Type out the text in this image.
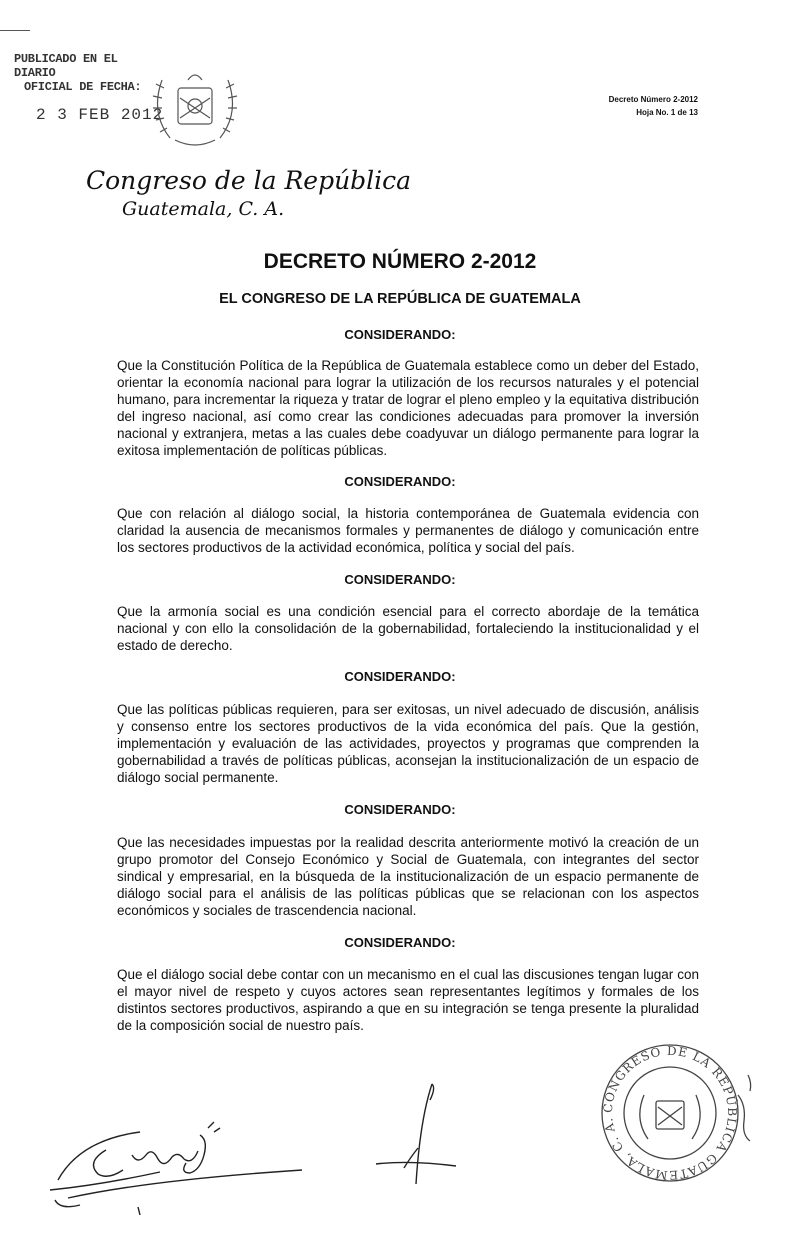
PUBLICADO EN EL DIARIO
OFICIAL DE FECHA:
2 3 FEB 2012
Decreto Número 2-2012
Hoja No. 1 de 13
Congreso de la República
Guatemala, C. A.
DECRETO NÚMERO 2-2012
EL CONGRESO DE LA REPÚBLICA DE GUATEMALA
CONSIDERANDO:
Que la Constitución Política de la República de Guatemala establece como un deber del Estado, orientar la economía nacional para lograr la utilización de los recursos naturales y el potencial humano, para incrementar la riqueza y tratar de lograr el pleno empleo y la equitativa distribución del ingreso nacional, así como crear las condiciones adecuadas para promover la inversión nacional y extranjera, metas a las cuales debe coadyuvar un diálogo permanente para lograr la exitosa implementación de políticas públicas.
CONSIDERANDO:
Que con relación al diálogo social, la historia contemporánea de Guatemala evidencia con claridad la ausencia de mecanismos formales y permanentes de diálogo y comunicación entre los sectores productivos de la actividad económica, política y social del país.
CONSIDERANDO:
Que la armonía social es una condición esencial para el correcto abordaje de la temática nacional y con ello la consolidación de la gobernabilidad, fortaleciendo la institucionalidad y el estado de derecho.
CONSIDERANDO:
Que las políticas públicas requieren, para ser exitosas, un nivel adecuado de discusión, análisis y consenso entre los sectores productivos de la vida económica del país. Que la gestión, implementación y evaluación de las actividades, proyectos y programas que comprenden la gobernabilidad a través de políticas públicas, aconsejan la institucionalización de un espacio de diálogo social permanente.
CONSIDERANDO:
Que las necesidades impuestas por la realidad descrita anteriormente motivó la creación de un grupo promotor del Consejo Económico y Social de Guatemala, con integrantes del sector sindical y empresarial, en la búsqueda de la institucionalización de un espacio permanente de diálogo social para el análisis de las políticas públicas que se relacionan con los aspectos económicos y sociales de trascendencia nacional.
CONSIDERANDO:
Que el diálogo social debe contar con un mecanismo en el cual las discusiones tengan lugar con el mayor nivel de respeto y cuyos actores sean representantes legítimos y formales de los distintos sectores productivos, aspirando a que en su integración se tenga presente la pluralidad de la composición social de nuestro país.
CONGRESO DE LA REPÚBLICA GUATEMALA, C. A.
